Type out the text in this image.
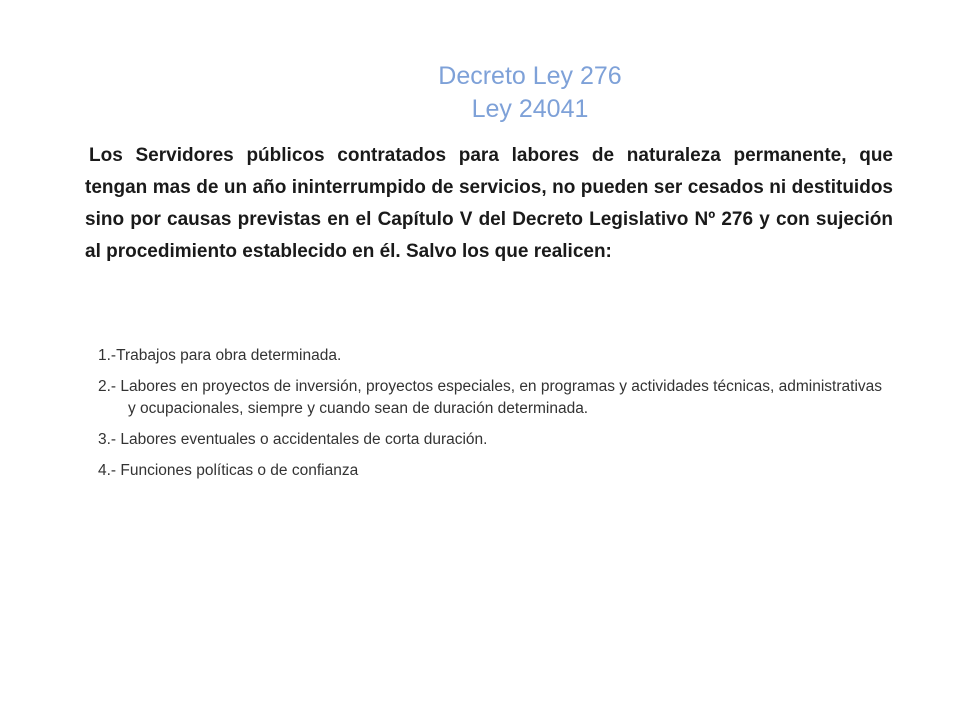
Decreto Ley 276
Ley 24041
Los Servidores públicos contratados para labores de naturaleza permanente, que tengan mas de un año ininterrumpido de servicios, no pueden ser cesados ni destituidos sino por causas previstas en el Capítulo V del Decreto Legislativo Nº 276 y con sujeción al procedimiento establecido en él. Salvo los que realicen:
1.-Trabajos para obra determinada.
2.- Labores en proyectos de inversión, proyectos especiales, en programas y actividades técnicas, administrativas y ocupacionales, siempre y cuando sean de duración determinada.
3.- Labores eventuales o accidentales de corta duración.
4.- Funciones políticas o de confianza
